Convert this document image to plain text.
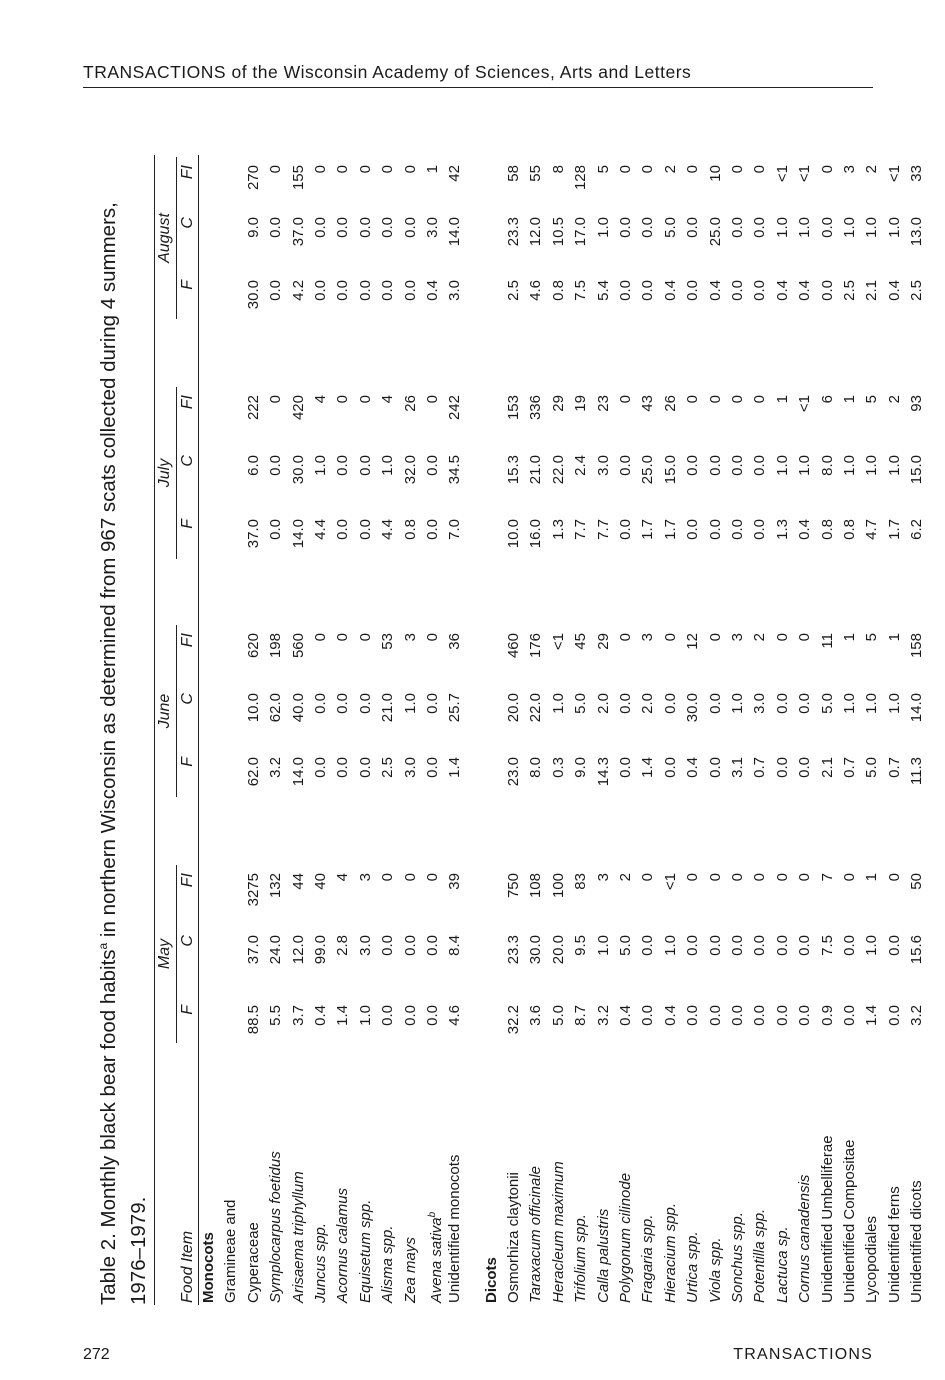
TRANSACTIONS of the Wisconsin Academy of Sciences, Arts and Letters
Table 2. Monthly black bear food habits$^a$ in northern Wisconsin as determined from 967 scats collected during 4 summers, 1976–1979.
May
June
July
August
Food Item
F
C
FI
F
C
FI
F
C
FI
F
C
FI
Monocots Gramineae and Cyperaceae
88.5
37.0
3275
62.0
10.0
620
37.0
6.0
222
30.0
9.0
270
Symplocarpus foetidus
5.5
24.0
132
3.2
62.0
198
0.0
0.0
0
0.0
0.0
0
Arisaema triphyllum
3.7
12.0
44
14.0
40.0
560
14.0
30.0
420
4.2
37.0
155
Juncus spp.
0.4
99.0
40
0.0
0.0
0
4.4
1.0
4
0.0
0.0
0
Acornus calamus
1.4
2.8
4
0.0
0.0
0
0.0
0.0
0
0.0
0.0
0
Equisetum spp.
1.0
3.0
3
0.0
0.0
0
0.0
0.0
0
0.0
0.0
0
Alisma spp.
0.0
0.0
0
2.5
21.0
53
4.4
1.0
4
0.0
0.0
0
Zea mays
0.0
0.0
0
3.0
1.0
3
0.8
32.0
26
0.0
0.0
0
Avena sativa$^b$
0.0
0.0
0
0.0
0.0
0
0.0
0.0
0
0.4
3.0
1
Unidentified monocots
4.6
8.4
39
1.4
25.7
36
7.0
34.5
242
3.0
14.0
42
Dicots Osmorhiza claytonii
32.2
23.3
750
23.0
20.0
460
10.0
15.3
153
2.5
23.3
58
Taraxacum officinale
3.6
30.0
108
8.0
22.0
176
16.0
21.0
336
4.6
12.0
55
Heracleum maximum
5.0
20.0
100
0.3
1.0
<1
1.3
22.0
29
0.8
10.5
8
Trifolium spp.
8.7
9.5
83
9.0
5.0
45
7.7
2.4
19
7.5
17.0
128
Calla palustris
3.2
1.0
3
14.3
2.0
29
7.7
3.0
23
5.4
1.0
5
Polygonum cilinode
0.4
5.0
2
0.0
0.0
0
0.0
0.0
0
0.0
0.0
0
Fragaria spp.
0.0
0.0
0
1.4
2.0
3
1.7
25.0
43
0.0
0.0
0
Hieracium spp.
0.4
1.0
<1
0.0
0.0
0
1.7
15.0
26
0.4
5.0
2
Urtica spp.
0.0
0.0
0
0.4
30.0
12
0.0
0.0
0
0.0
0.0
0
Viola spp.
0.0
0.0
0
0.0
0.0
0
0.0
0.0
0
0.4
25.0
10
Sonchus spp.
0.0
0.0
0
3.1
1.0
3
0.0
0.0
0
0.0
0.0
0
Potentilla spp.
0.0
0.0
0
0.7
3.0
2
0.0
0.0
0
0.0
0.0
0
Lactuca sp.
0.0
0.0
0
0.0
0.0
0
1.3
1.0
1
0.4
1.0
<1
Cornus canadensis
0.0
0.0
0
0.0
0.0
0
0.4
1.0
<1
0.4
1.0
<1
Unidentified Umbelliferae
0.9
7.5
7
2.1
5.0
11
0.8
8.0
6
0.0
0.0
0
Unidentified Compositae
0.0
0.0
0
0.7
1.0
1
0.8
1.0
1
2.5
1.0
3
Lycopodiales
1.4
1.0
1
5.0
1.0
5
4.7
1.0
5
2.1
1.0
2
Unidentified ferns
0.0
0.0
0
0.7
1.0
1
1.7
1.0
2
0.4
1.0
<1
Unidentified dicots
3.2
15.6
50
11.3
14.0
158
6.2
15.0
93
2.5
13.0
33
272	TRANSACTIONS
